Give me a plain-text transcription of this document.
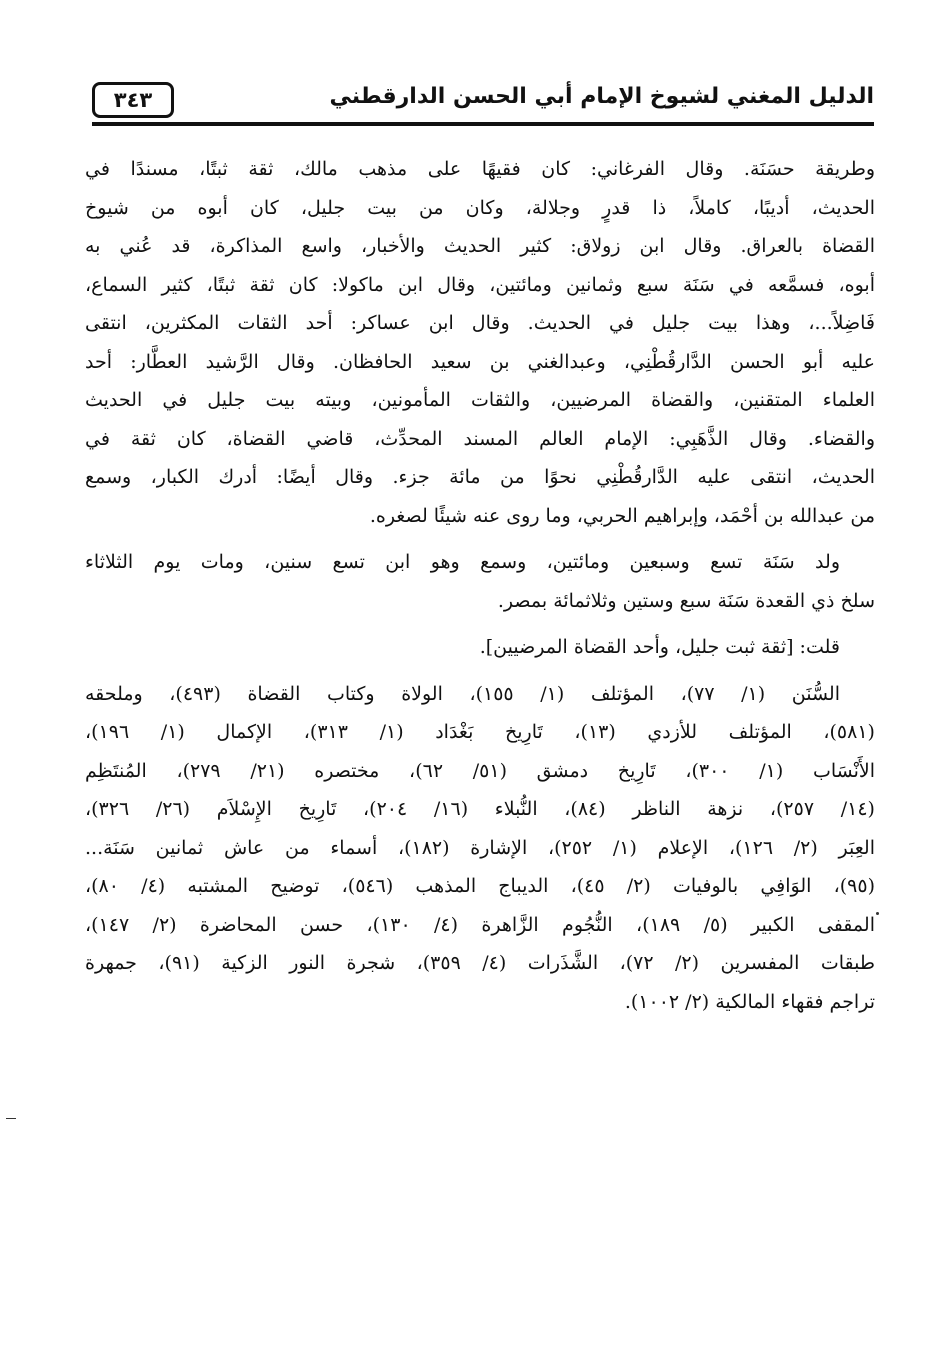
٣٤٣	الدليل المغني لشيوخ الإمام أبي الحسن الدارقطني
وطريقة حسَنَة. وقال الفرغاني: كان فقيهًا على مذهب مالك، ثقة ثبتًا، مسندًا في
الحديث، أديبًا، كاملاً، ذا قدرٍ وجلالة، وكان من بيت جليل، كان أبوه من شيوخ
القضاة بالعراق. وقال ابن زولاق: كثير الحديث والأخبار، واسع المذاكرة، قد عُني به
أبوه، فسمَّعه في سَنَة سبع وثمانين ومائتين، وقال ابن ماكولا: كان ثقة ثبتًا، كثير السماع،
فَاضِلاً...، وهذا بيت جليل في الحديث. وقال ابن عساكر: أحد الثقات المكثرين، انتقى
عليه أبو الحسن الدَّارقُطْنِي، وعبدالغني بن سعيد الحافظان. وقال الرَّشيد العطَّار: أحد
العلماء المتقنين، والقضاة المرضيين، والثقات المأمونين، وبيته بيت جليل في الحديث
والقضاء. وقال الذَّهَبِي: الإمام العالم المسند المحدِّث، قاضي القضاة، كان ثقة في
الحديث، انتقى عليه الدَّارقُطْنِي نحوًا من مائة جزء. وقال أيضًا: أدرك الكبار، وسمع
من عبدالله بن أحْمَد، وإبراهيم الحربي، وما روى عنه شيئًا لصغره.
ولد سَنَة تسع وسبعين ومائتين، وسمع وهو ابن تسع سنين، ومات يوم الثلاثاء
سلخ ذي القعدة سَنَة سبع وستين وثلاثمائة بمصر.
قلت: [ثقة ثبت جليل، وأحد القضاة المرضيين].
السُّنَن (١/ ٧٧)، المؤتلف (١/ ١٥٥)، الولاة وكتاب القضاة (٤٩٣)، وملحقه
(٥٨١)، المؤتلف للأزدي (١٣)، تَارِيخ بَغْدَاد (١/ ٣١٣)، الإكمال (١/ ١٩٦)،
الأَنْسَاب (١/ ٣٠٠)، تَارِيخ دمشق (٥١/ ٦٢)، مختصره (٢١/ ٢٧٩)، المُنتَظِم
(١٤/ ٢٥٧)، نزهة الناظر (٨٤)، النُّبلاء (١٦/ ٢٠٤)، تَارِيخ الإِسْلاَم (٢٦/ ٣٢٦)،
العِبَر (٢/ ١٢٦)، الإعلام (١/ ٢٥٢)، الإشارة (١٨٢)، أسماء من عاش ثمانين سَنَة...
(٩٥)، الوَافِي بالوفيات (٢/ ٤٥)، الديباج المذهب (٥٤٦)، توضيح المشتبه (٤/ ٨٠)،
المقفى الكبير (٥/ ١٨٩)، النُّجُوم الزَّاهرة (٤/ ١٣٠)، حسن المحاضرة (٢/ ١٤٧)،
طبقات المفسرين (٢/ ٧٢)، الشَّذَرات (٤/ ٣٥٩)، شجرة النور الزكية (٩١)، جمهرة
تراجم فقهاء المالكية (٢/ ١٠٠٢).
